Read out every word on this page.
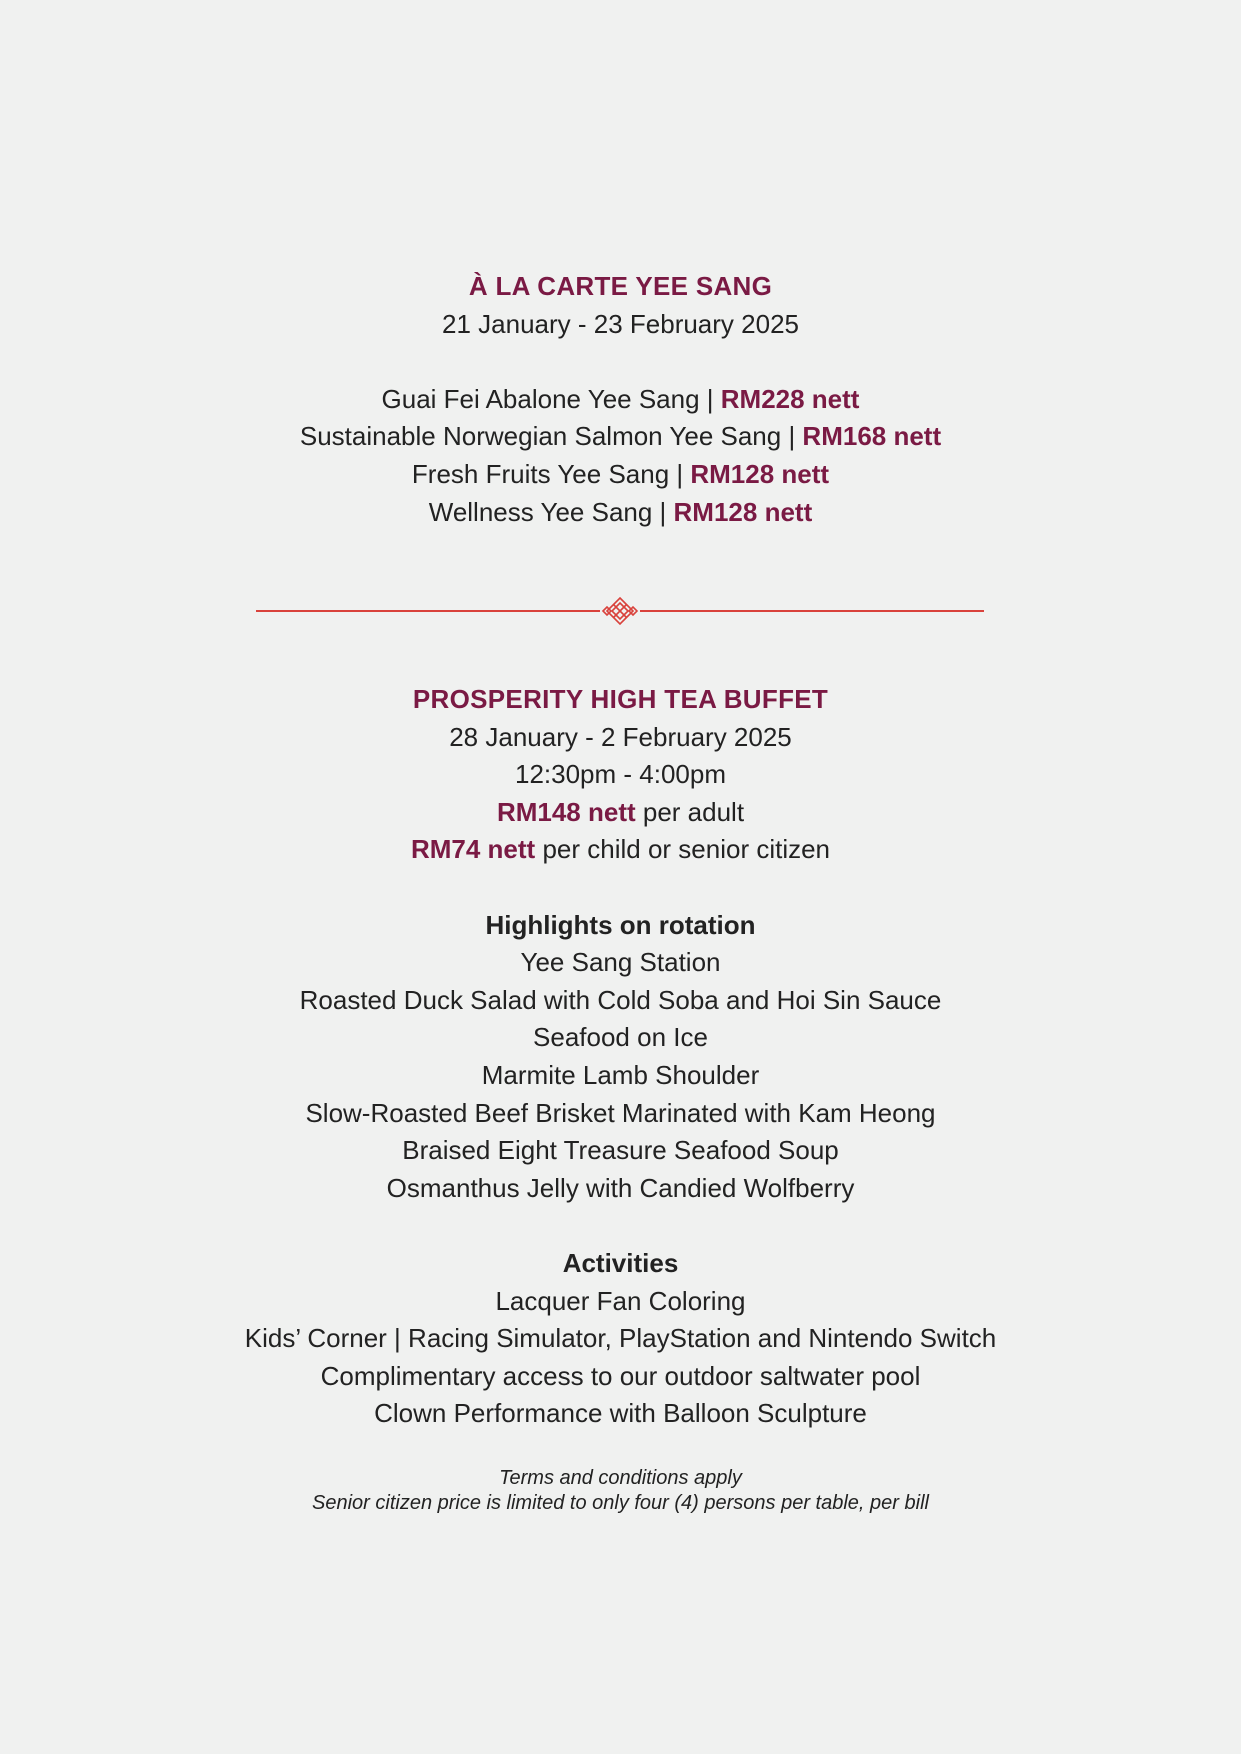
À LA CARTE YEE SANG

21 January - 23 February 2025

Guai Fei Abalone Yee Sang | RM228 nett

Sustainable Norwegian Salmon Yee Sang | RM168 nett

Fresh Fruits Yee Sang | RM128 nett

Wellness Yee Sang | RM128 nett

PROSPERITY HIGH TEA BUFFET

28 January - 2 February 2025

12:30pm - 4:00pm

RM148 nett per adult

RM74 nett per child or senior citizen

Highlights on rotation

Yee Sang Station

Roasted Duck Salad with Cold Soba and Hoi Sin Sauce

Seafood on Ice

Marmite Lamb Shoulder

Slow-Roasted Beef Brisket Marinated with Kam Heong

Braised Eight Treasure Seafood Soup

Osmanthus Jelly with Candied Wolfberry

Activities

Lacquer Fan Coloring

Kids’ Corner | Racing Simulator, PlayStation and Nintendo Switch

Complimentary access to our outdoor saltwater pool

Clown Performance with Balloon Sculpture

Terms and conditions apply

Senior citizen price is limited to only four (4) persons per table, per bill
